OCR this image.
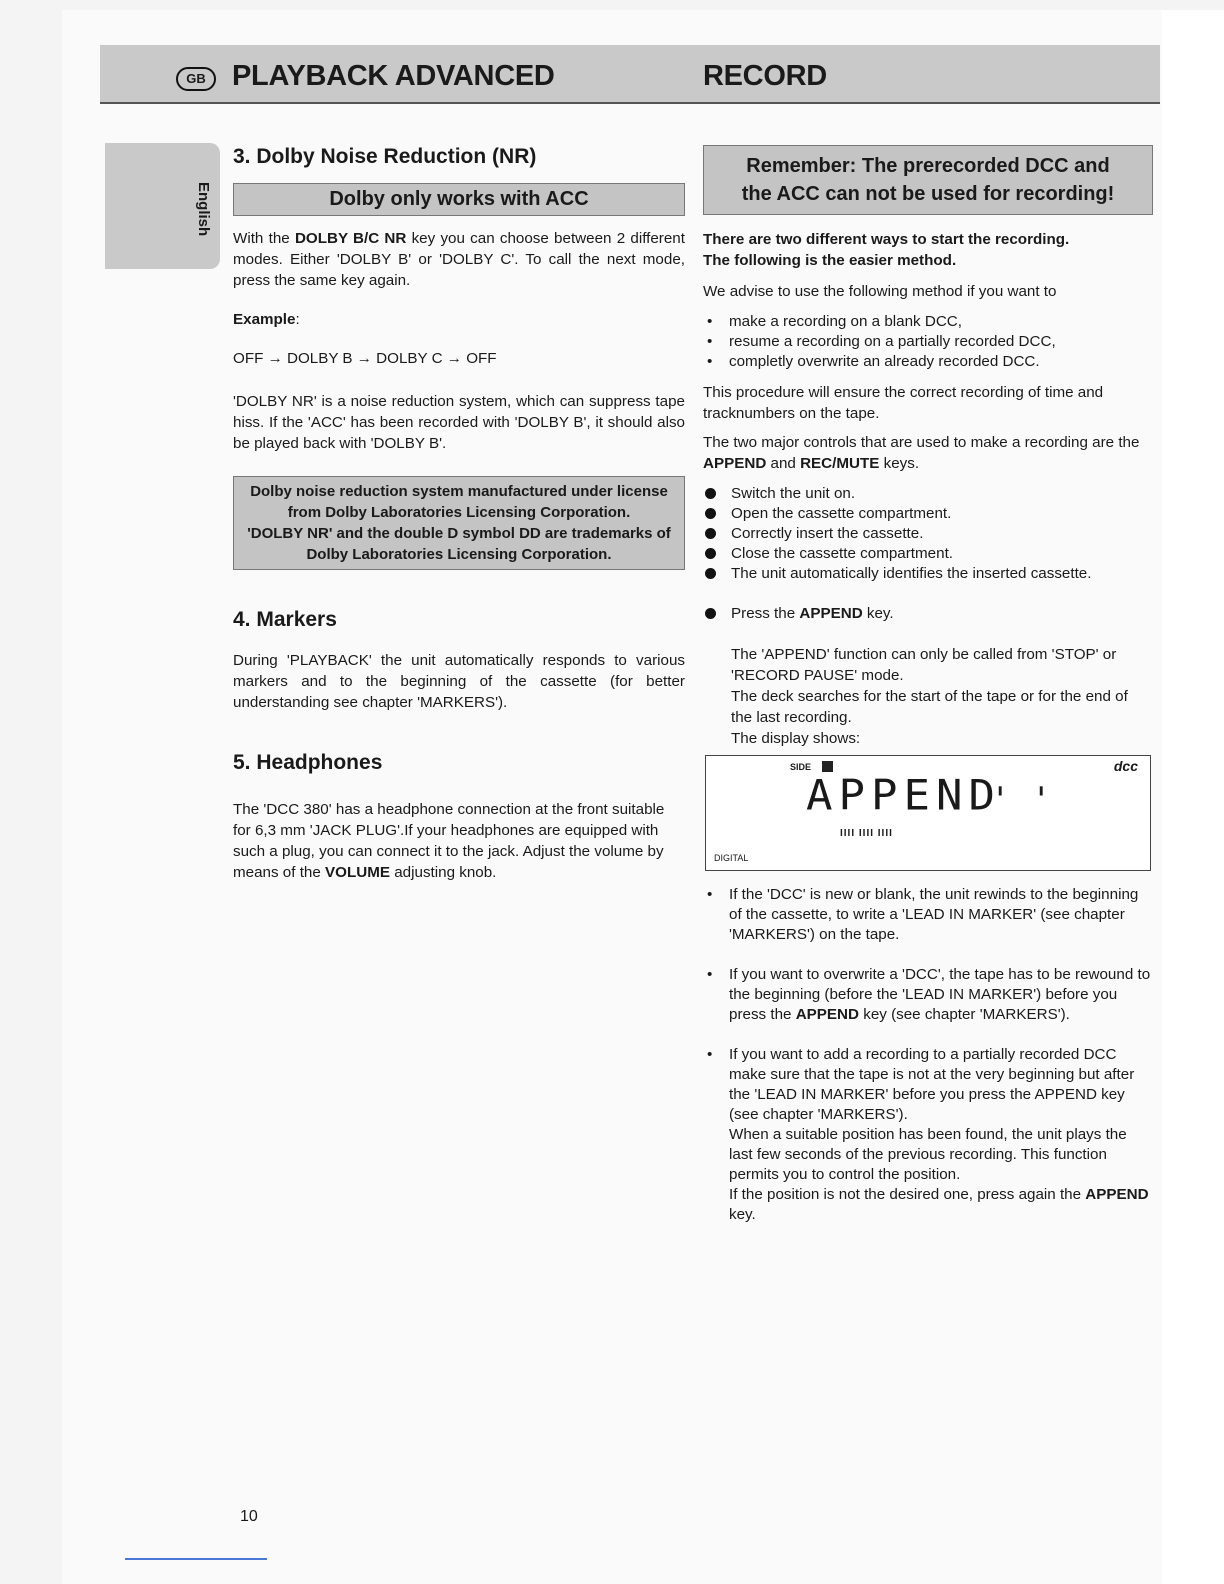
GB PLAYBACK ADVANCED	RECORD
English
3. Dolby Noise Reduction (NR)
Dolby only works with ACC

With the DOLBY B/C NR key you can choose between 2 different modes. Either 'DOLBY B' or 'DOLBY C'. To call the next mode, press the same key again.

Example:

OFF → DOLBY B → DOLBY C → OFF

'DOLBY NR' is a noise reduction system, which can suppress tape hiss. If the 'ACC' has been recorded with 'DOLBY B', it should also be played back with 'DOLBY B'.

Dolby noise reduction system manufactured under license from Dolby Laboratories Licensing Corporation.
'DOLBY NR' and the double D symbol DD are trademarks of Dolby Laboratories Licensing Corporation.
4. Markers

During 'PLAYBACK' the unit automatically responds to various markers and to the beginning of the cassette (for better understanding see chapter 'MARKERS').

5. Headphones

The 'DCC 380' has a headphone connection at the front suitable for 6,3 mm 'JACK PLUG'.If your headphones are equipped with such a plug, you can connect it to the jack. Adjust the volume by means of the VOLUME adjusting knob.

Remember: The prerecorded DCC and
the ACC can not be used for recording!

There are two different ways to start the recording.
The following is the easier method.

We advise to use the following method if you want to

• make a recording on a blank DCC,
• resume a recording on a partially recorded DCC,
• completly overwrite an already recorded DCC.

This procedure will ensure the correct recording of time and tracknumbers on the tape.

The two major controls that are used to make a recording are the APPEND and REC/MUTE keys.

Switch the unit on.
Open the cassette compartment.
Correctly insert the cassette.
Close the cassette compartment.
The unit automatically identifies the inserted cassette.
Press the APPEND key.

The 'APPEND' function can only be called from 'STOP' or 'RECORD PAUSE' mode.

The deck searches for the start of the tape or for the end of the last recording.

The display shows:

SIDE	dcc
APPEND
' '
IIII IIII IIII
DIGITAL
• If the 'DCC' is new or blank, the unit rewinds to the beginning of the cassette, to write a 'LEAD IN MARKER' (see chapter 'MARKERS') on the tape.
• If you want to overwrite a 'DCC', the tape has to be rewound to the beginning (before the 'LEAD IN MARKER') before you press the APPEND key (see chapter 'MARKERS').
• If you want to add a recording to a partially recorded DCC make sure that the tape is not at the very beginning but after the 'LEAD IN MARKER' before you press the APPEND key (see chapter 'MARKERS').
When a suitable position has been found, the unit plays the last few seconds of the previous recording. This function permits you to control the position.
If the position is not the desired one, press again the APPEND key.
10
